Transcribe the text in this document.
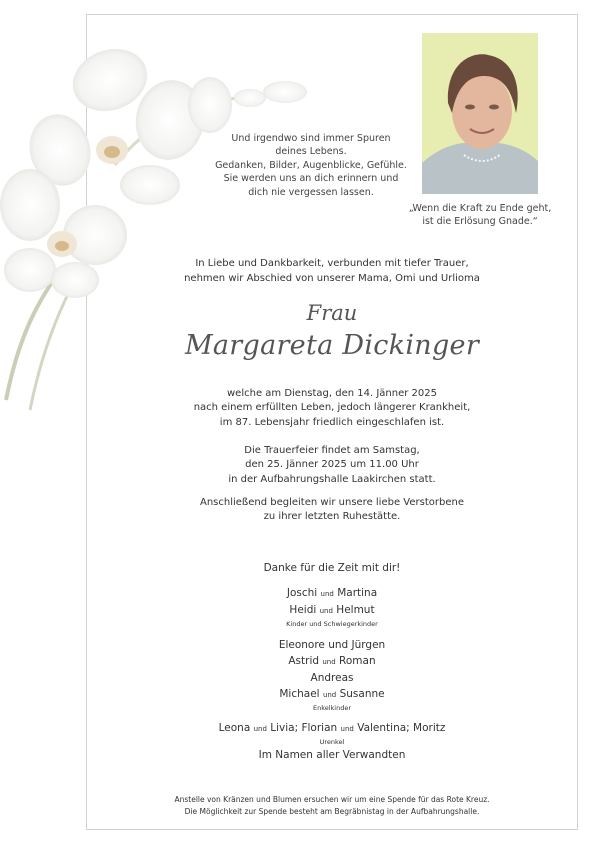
Und irgendwo sind immer Spuren
deines Lebens.
Gedanken, Bilder, Augenblicke, Gefühle.
Sie werden uns an dich erinnern und
dich nie vergessen lassen.
„Wenn die Kraft zu Ende geht,
ist die Erlösung Gnade.“
In Liebe und Dankbarkeit, verbunden mit tiefer Trauer,
nehmen wir Abschied von unserer Mama, Omi und Urlioma
Frau
Margareta Dickinger

welche am Dienstag, den 14. Jänner 2025

nach einem erfüllten Leben, jedoch längerer Krankheit,

im 87. Lebensjahr friedlich eingeschlafen ist.

Die Trauerfeier findet am Samstag,

den 25. Jänner 2025 um 11.00 Uhr

in der Aufbahrungshalle Laakirchen statt.

Anschließend begleiten wir unsere liebe Verstorbene

zu ihrer letzten Ruhestätte.

Danke für die Zeit mit dir!

Joschi und Martina

Heidi und Helmut

Kinder und Schwiegerkinder

Eleonore und Jürgen

Astrid und Roman

Andreas

Michael und Susanne

Enkelkinder

Leona und Livia; Florian und Valentina; Moritz

Urenkel

Im Namen aller Verwandten

Anstelle von Kränzen und Blumen ersuchen wir um eine Spende für das Rote Kreuz.
Die Möglichkeit zur Spende besteht am Begräbnistag in der Aufbahrungshalle.
